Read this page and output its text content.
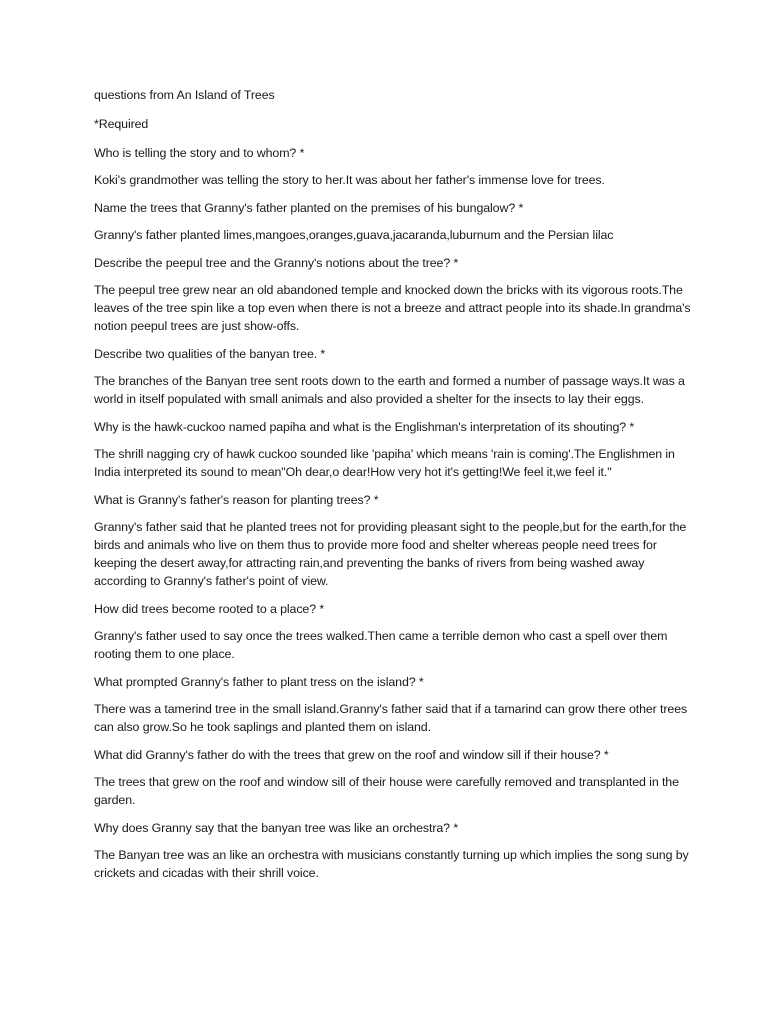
questions from An Island of Trees

*Required

Who is telling the story and to whom? *

Koki's grandmother was telling the story to her.It was about her father's immense love for trees.

Name the trees that Granny's father planted on the premises of his bungalow? *

Granny's father planted limes,mangoes,oranges,guava,jacaranda,luburnum and the Persian lilac

Describe the peepul tree and the Granny's notions about the tree? *

The peepul tree grew near an old abandoned temple and knocked down the bricks with its vigorous roots.The leaves of the tree spin like a top even when there is not a breeze and attract people into its shade.In grandma's notion peepul trees are just show-offs.

Describe two qualities of the banyan tree. *

The branches of the Banyan tree sent roots down to the earth and formed a number of passage ways.It was a world in itself populated with small animals and also provided a shelter for the insects to lay their eggs.

Why is the hawk-cuckoo named papiha and what is the Englishman's interpretation of its shouting? *

The shrill nagging cry of hawk cuckoo sounded like 'papiha' which means 'rain is coming'.The Englishmen in India interpreted its sound to mean"Oh dear,o dear!How very hot it's getting!We feel it,we feel it."

What is Granny's father's reason for planting trees? *

Granny's father said that he planted trees not for providing pleasant sight to the people,but for the earth,for the birds and animals who live on them thus to provide more food and shelter whereas people need trees for keeping the desert away,for attracting rain,and preventing the banks of rivers from being washed away according to Granny's father's point of view.

How did trees become rooted to a place? *

Granny's father used to say once the trees walked.Then came a terrible demon who cast a spell over them rooting them to one place.

What prompted Granny's father to plant tress on the island? *

There was a tamerind tree in the small island.Granny's father said that if a tamarind can grow there other trees can also grow.So he took saplings and planted them on island.

What did Granny's father do with the trees that grew on the roof and window sill if their house? *

The trees that grew on the roof and window sill of their house were carefully removed and transplanted in the garden.

Why does Granny say that the banyan tree was like an orchestra? *

The Banyan tree was an like an orchestra with musicians constantly turning up which implies the song sung by crickets and cicadas with their shrill voice.
